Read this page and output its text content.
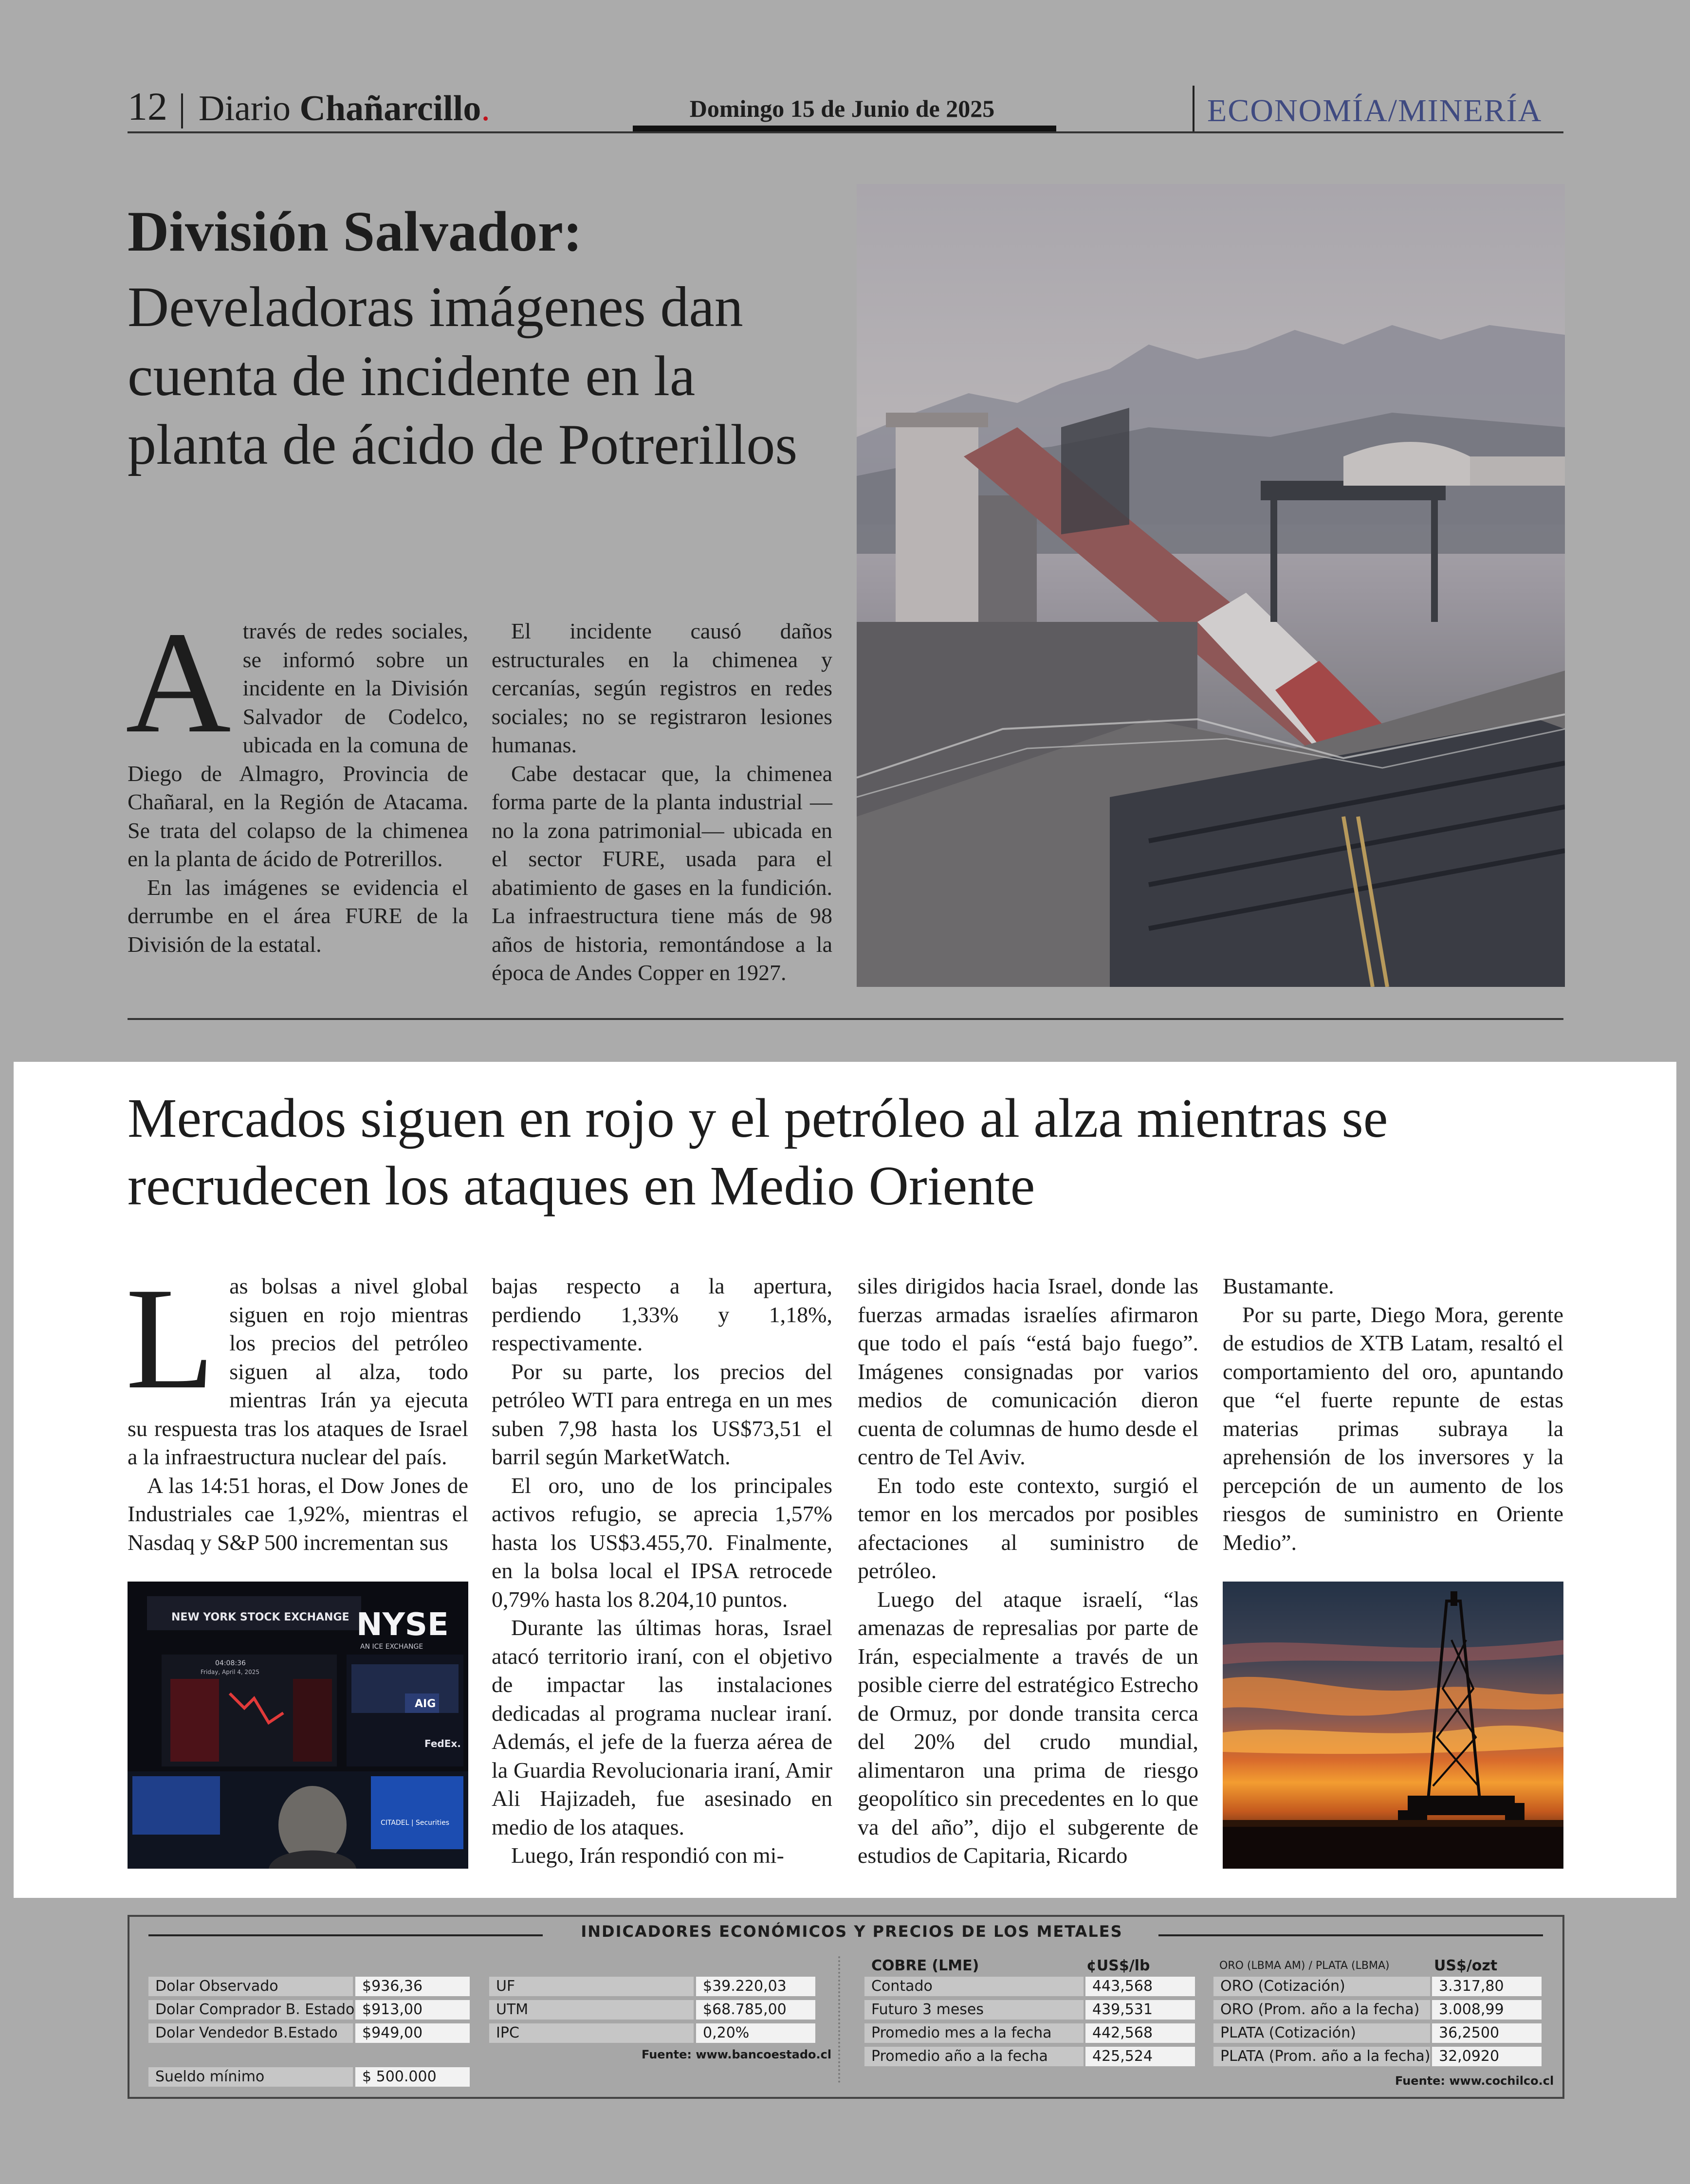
12 Diario Chañarcillo.	Domingo 15 de Junio de 2025	ECONOMÍA/MINERÍA
División Salvador:
Develadoras imágenes dan cuenta de incidente en la planta de ácido de Potrerillos
A través de redes sociales, se informó sobre un incidente en la División Salvador de Codelco, ubicada en la comuna de Diego de Almagro, Provincia de Chañaral, en la Región de Atacama. Se trata del colapso de la chimenea en la planta de ácido de Potrerillos.

En las imágenes se evidencia el derrumbe en el área FURE de la División de la estatal.

El incidente causó daños estructurales en la chimenea y cercanías, según registros en redes sociales; no se registraron lesiones humanas.

Cabe destacar que, la chimenea forma parte de la planta industrial —no la zona patrimonial— ubicada en el sector FURE, usada para el abatimiento de gases en la fundición. La infraestructura tiene más de 98 años de historia, remontándose a la época de Andes Copper en 1927.

Mercados siguen en rojo y el petróleo al alza mientras se recrudecen los ataques en Medio Oriente
L as bolsas a nivel global siguen en rojo mientras los precios del petróleo siguen al alza, todo mientras Irán ya ejecuta su respuesta tras los ataques de Israel a la infraestructura nuclear del país.

A las 14:51 horas, el Dow Jones de Industriales cae 1,92%, mientras el Nasdaq y S&P 500 incrementan sus

NEW YORK STOCK EXCHANGE NYSE
AN ICE EXCHANGE
04:08:36
Friday, April 4, 2025
AIG
FedEx.
CITADEL | Securities

bajas respecto a la apertura, perdiendo 1,33% y 1,18%, respectivamente.

Por su parte, los precios del petróleo WTI para entrega en un mes suben 7,98 hasta los US$73,51 el barril según MarketWatch.

El oro, uno de los principales activos refugio, se aprecia 1,57% hasta los US$3.455,70. Finalmente, en la bolsa local el IPSA retrocede 0,79% hasta los 8.204,10 puntos.

Durante las últimas horas, Israel atacó territorio iraní, con el objetivo de impactar las instalaciones dedicadas al programa nuclear iraní. Además, el jefe de la fuerza aérea de la Guardia Revolucionaria iraní, Amir Ali Hajizadeh, fue asesinado en medio de los ataques.

Luego, Irán respondió con mi-

siles dirigidos hacia Israel, donde las fuerzas armadas israelíes afirmaron que todo el país “está bajo fuego”. Imágenes consignadas por varios medios de comunicación dieron cuenta de columnas de humo desde el centro de Tel Aviv.

En todo este contexto, surgió el temor en los mercados por posibles afectaciones al suministro de petróleo.

Luego del ataque israelí, “las amenazas de represalias por parte de Irán, especialmente a través de un posible cierre del estratégico Estrecho de Ormuz, por donde transita cerca del 20% del crudo mundial, alimentaron una prima de riesgo geopolítico sin precedentes en lo que va del año”, dijo el subgerente de estudios de Capitaria, Ricardo

Bustamante.

Por su parte, Diego Mora, gerente de estudios de XTB Latam, resaltó el comportamiento del oro, apuntando que “el fuerte repunte de estas materias primas subraya la aprehensión de los inversores y la percepción de un aumento de los riesgos de suministro en Oriente Medio”.

INDICADORES ECONÓMICOS Y PRECIOS DE LOS METALES
Dolar Observado	$936,36
Dolar Comprador B. Estado $913,00
Dolar Vendedor B.Estado	$949,00
Sueldo mínimo	$ 500.000
UF	$39.220,03
UTM	$68.785,00
IPC	0,20%
Fuente: www.bancoestado.cl
COBRE (LME)	¢US$/lb
Contado	443,568
Futuro 3 meses	439,531
Promedio mes a la fecha	442,568
Promedio año a la fecha	425,524
ORO (LBMA AM) / PLATA (LBMA)	US$/ozt
ORO (Cotización)	3.317,80
ORO (Prom. año a la fecha)	3.008,99
PLATA (Cotización)	36,2500
PLATA (Prom. año a la fecha) 32,0920
Fuente: www.cochilco.cl
